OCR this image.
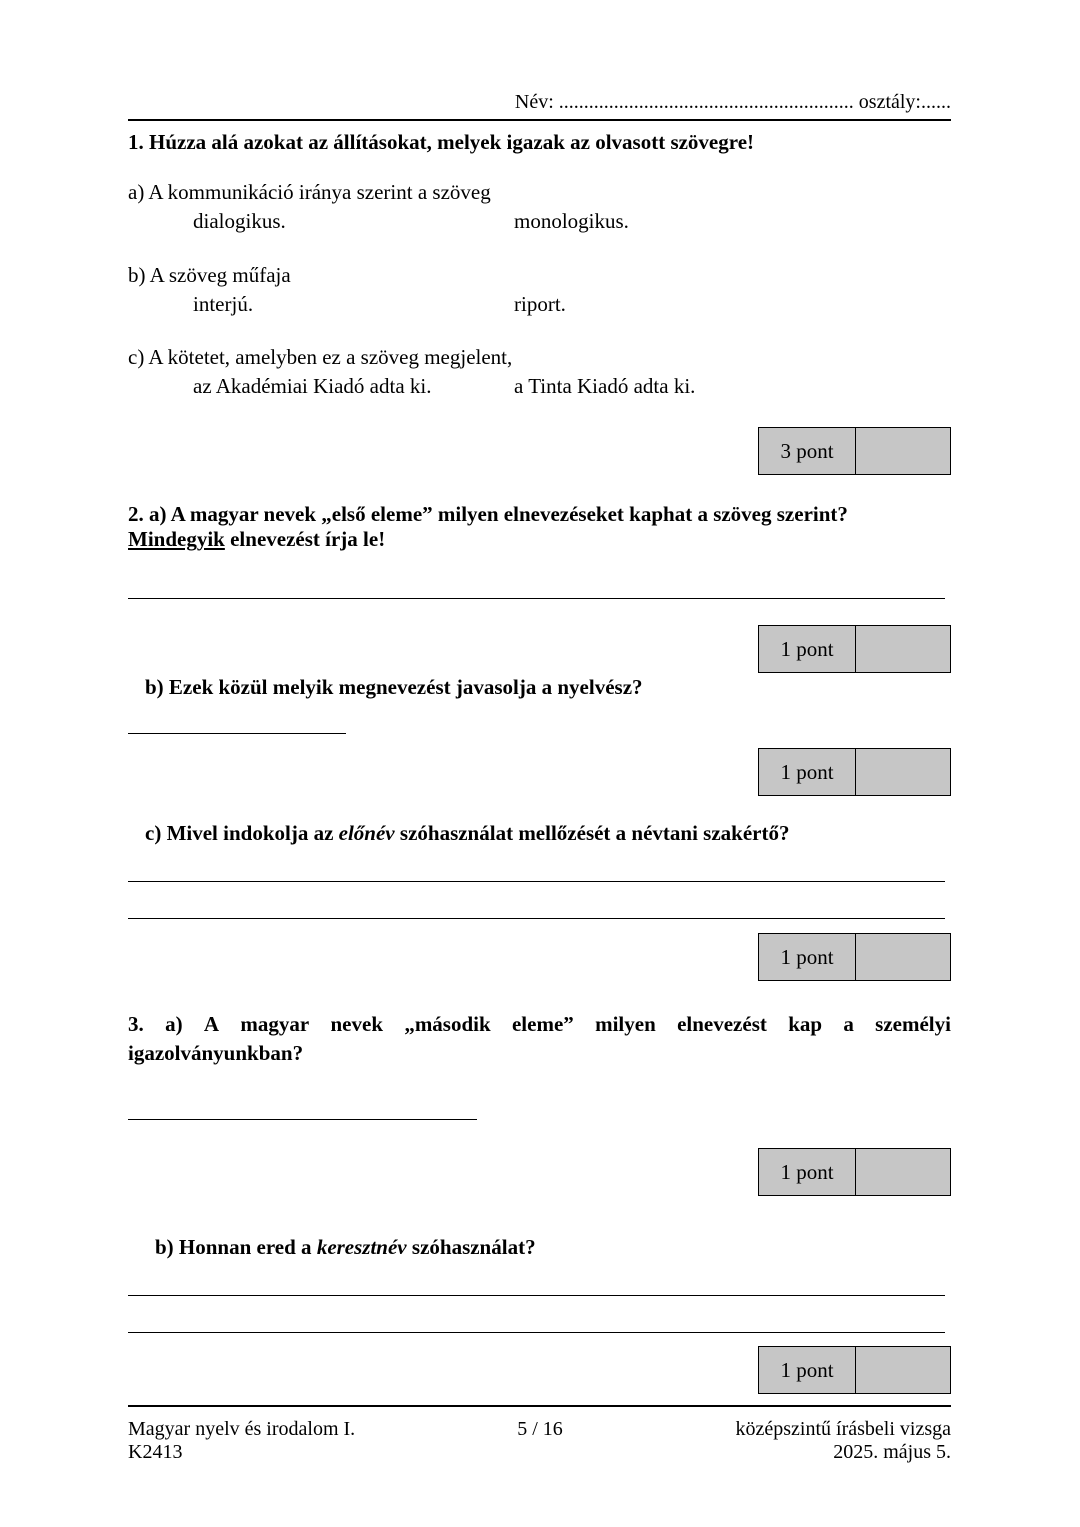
Név: ........................................................... osztály:......
1. Húzza alá azokat az állításokat, melyek igazak az olvasott szövegre!
a) A kommunikáció iránya szerint a szöveg
dialogikus.	monologikus.
b) A szöveg műfaja
interjú.	riport.
c) A kötetet, amelyben ez a szöveg megjelent,
az Akadémiai Kiadó adta ki.	a Tinta Kiadó adta ki.
3 pont
2. a) A magyar nevek „első eleme” milyen elnevezéseket kaphat a szöveg szerint?
Mindegyik elnevezést írja le!
1 pont
b) Ezek közül melyik megnevezést javasolja a nyelvész?
1 pont
c) Mivel indokolja az előnév szóhasználat mellőzését a névtani szakértő?
1 pont
3. a) A magyar nevek „második eleme” milyen elnevezést kap a személyi
igazolványunkban?
1 pont
b) Honnan ered a keresztnév szóhasználat?
1 pont
Magyar nyelv és irodalom I.
K2413
5 / 16	középszintű írásbeli vizsga
2025. május 5.
